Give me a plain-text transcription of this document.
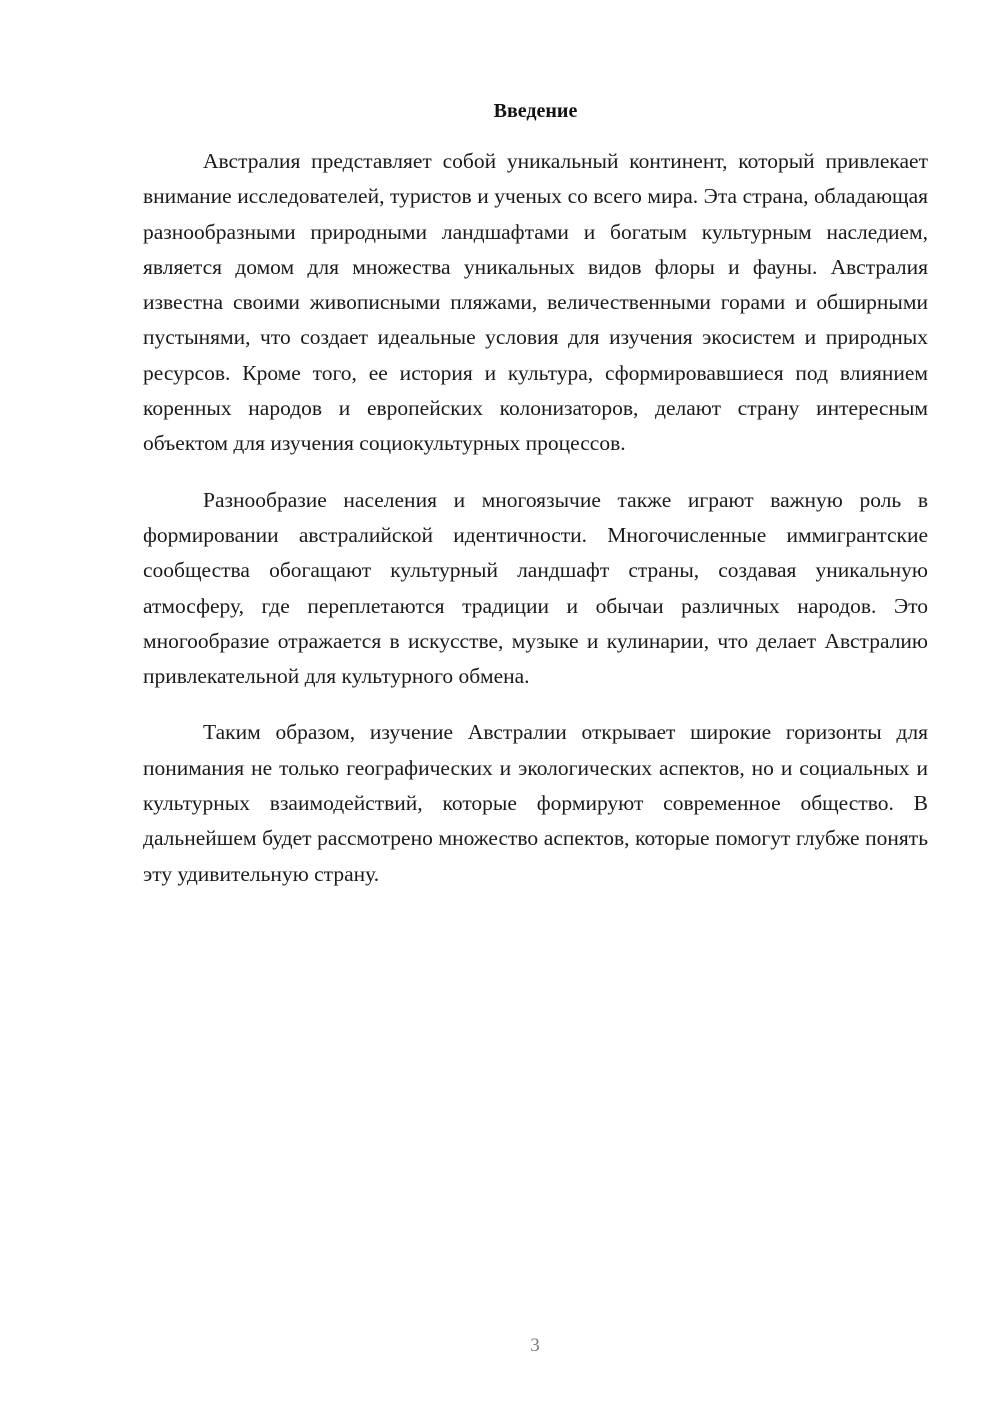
Введение

Австралия представляет собой уникальный континент, который привлекает внимание исследователей, туристов и ученых со всего мира. Эта страна, обладающая разнообразными природными ландшафтами и богатым культурным наследием, является домом для множества уникальных видов флоры и фауны. Австралия известна своими живописными пляжами, величественными горами и обширными пустынями, что создает идеальные условия для изучения экосистем и природных ресурсов. Кроме того, ее история и культура, сформировавшиеся под влиянием коренных народов и европейских колонизаторов, делают страну интересным объектом для изучения социокультурных процессов.

Разнообразие населения и многоязычие также играют важную роль в формировании австралийской идентичности. Многочисленные иммигрантские сообщества обогащают культурный ландшафт страны, создавая уникальную атмосферу, где переплетаются традиции и обычаи различных народов. Это многообразие отражается в искусстве, музыке и кулинарии, что делает Австралию привлекательной для культурного обмена.

Таким образом, изучение Австралии открывает широкие горизонты для понимания не только географических и экологических аспектов, но и социальных и культурных взаимодействий, которые формируют современное общество. В дальнейшем будет рассмотрено множество аспектов, которые помогут глубже понять эту удивительную страну.

3
